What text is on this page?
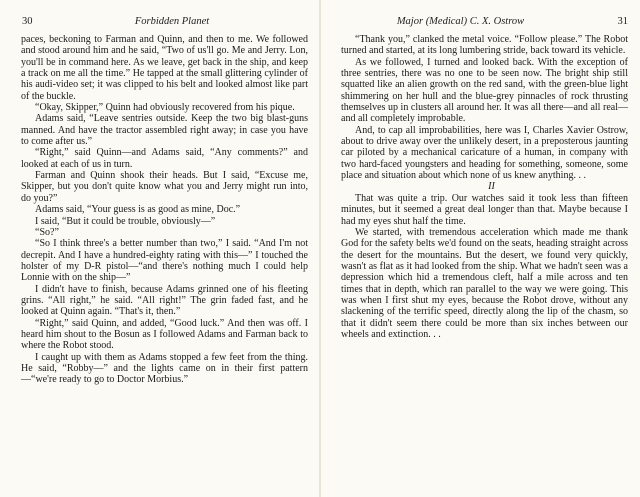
30	Forbidden Planet

paces, beckoning to Farman and Quinn, and then to me. We followed and stood around him and he said, “Two of us'll go. Me and Jerry. Lon, you'll be in command here. As we leave, get back in the ship, and keep a track on me all the time.” He tapped at the small glittering cylinder of his audi-video set; it was clipped to his belt and looked almost like part of the buckle.

“Okay, Skipper,” Quinn had obviously recovered from his pique.

Adams said, “Leave sentries outside. Keep the two big blast-guns manned. And have the tractor assembled right away; in case you have to come after us.”

“Right,” said Quinn—and Adams said, “Any comments?” and looked at each of us in turn.

Farman and Quinn shook their heads. But I said, “Excuse me, Skipper, but you don't quite know what you and Jerry might run into, do you?”

Adams said, “Your guess is as good as mine, Doc.”

I said, “But it could be trouble, obviously—”

“So?”

“So I think three's a better number than two,” I said. “And I'm not decrepit. And I have a hundred-eighty rating with this—” I touched the holster of my D-R pistol—“and there's nothing much I could help Lonnie with on the ship—”

I didn't have to finish, because Adams grinned one of his fleeting grins. “All right,” he said. “All right!” The grin faded fast, and he looked at Quinn again. “That's it, then.”

“Right,” said Quinn, and added, “Good luck.” And then was off. I heard him shout to the Bosun as I followed Adams and Farman back to where the Robot stood.

I caught up with them as Adams stopped a few feet from the thing. He said, “Robby—” and the lights came on in their first pattern—“we're ready to go to Doctor Morbius.”

Major (Medical) C. X. Ostrow	31

“Thank you,” clanked the metal voice. “Follow please.” The Robot turned and started, at its long lumbering stride, back toward its vehicle.

As we followed, I turned and looked back. With the exception of three sentries, there was no one to be seen now. The bright ship still squatted like an alien growth on the red sand, with the green-blue light shimmering on her hull and the blue-grey pinnacles of rock thrusting themselves up in clusters all around her. It was all there—and all real—and all completely improbable.

And, to cap all improbabilities, here was I, Charles Xavier Ostrow, about to drive away over the unlikely desert, in a preposterous jaunting car piloted by a mechanical caricature of a human, in company with two hard-faced youngsters and heading for something, someone, some place and situation about which none of us knew anything. . .

II

That was quite a trip. Our watches said it took less than fifteen minutes, but it seemed a great deal longer than that. Maybe because I had my eyes shut half the time.

We started, with tremendous acceleration which made me thank God for the safety belts we'd found on the seats, heading straight across the desert for the mountains. But the desert, we found very quickly, wasn't as flat as it had looked from the ship. What we hadn't seen was a depression which hid a tremendous cleft, half a mile across and ten times that in depth, which ran parallel to the way we were going. This was when I first shut my eyes, because the Robot drove, without any slackening of the terrific speed, directly along the lip of the chasm, so that it didn't seem there could be more than six inches between our wheels and extinction. . .
